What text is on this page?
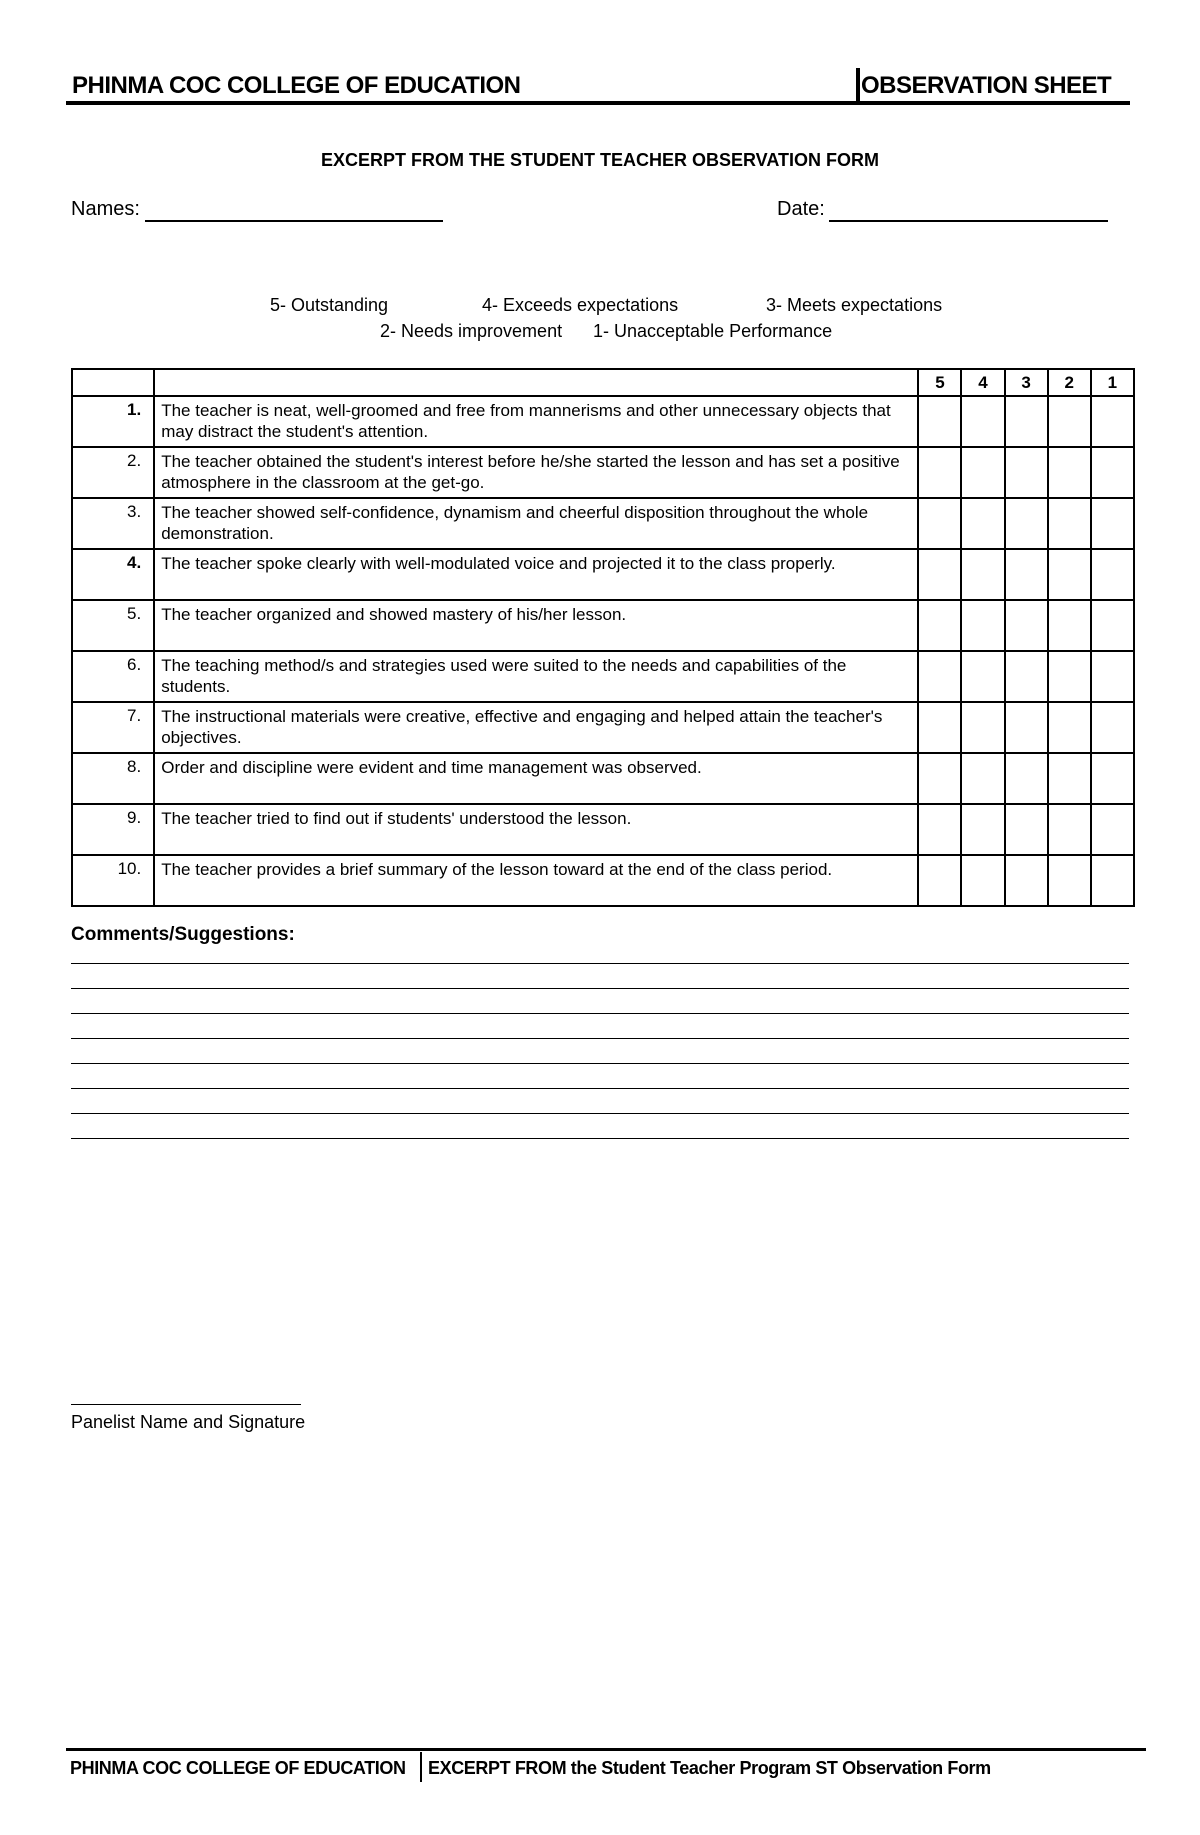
PHINMA COC COLLEGE OF EDUCATION	OBSERVATION SHEET
EXCERPT FROM THE STUDENT TEACHER OBSERVATION FORM
Names:	Date:
5- Outstanding	4- Exceeds expectations	3- Meets expectations
2- Needs improvement 1- Unacceptable Performance
		5	4	3	2	1
1.	The teacher is neat, well-groomed and free from mannerisms and other unnecessary objects that may distract the student's attention.					
2.	The teacher obtained the student's interest before he/she started the lesson and has set a positive atmosphere in the classroom at the get-go.					
3.	The teacher showed self-confidence, dynamism and cheerful disposition throughout the whole demonstration.					
4.	The teacher spoke clearly with well-modulated voice and projected it to the class properly.					
5.	The teacher organized and showed mastery of his/her lesson.					
6.	The teaching method/s and strategies used were suited to the needs and capabilities of the students.					
7.	The instructional materials were creative, effective and engaging and helped attain the teacher's objectives.					
8.	Order and discipline were evident and time management was observed.					
9.	The teacher tried to find out if students' understood the lesson.					
10.	The teacher provides a brief summary of the lesson toward at the end of the class period.					
Comments/Suggestions:
Panelist Name and Signature
PHINMA COC COLLEGE OF EDUCATION EXCERPT FROM the Student Teacher Program ST Observation Form
